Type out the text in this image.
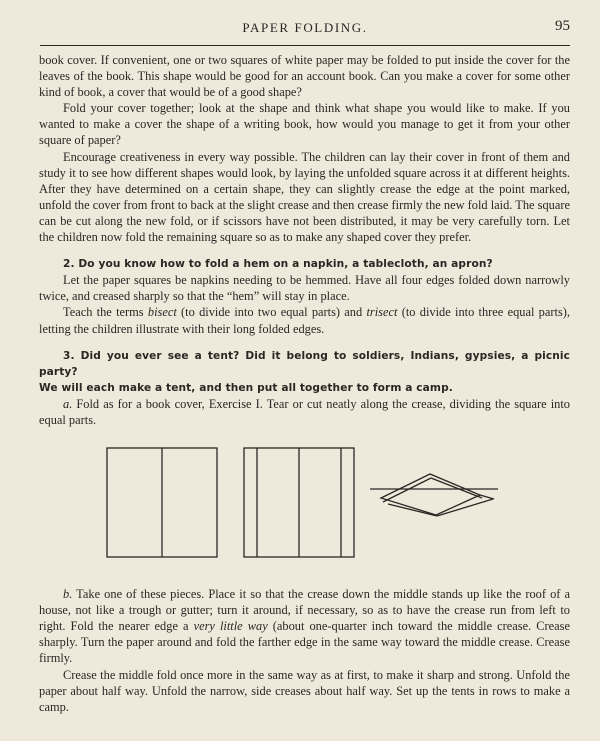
PAPER FOLDING.	95

book cover. If convenient, one or two squares of white paper may be folded to put inside the cover for the leaves of the book. This shape would be good for an account book. Can you make a cover for some other kind of book, a cover that would be of a good shape?

Fold your cover together; look at the shape and think what shape you would like to make. If you wanted to make a cover the shape of a writing book, how would you manage to get it from your other square of paper?

Encourage creativeness in every way possible. The children can lay their cover in front of them and study it to see how different shapes would look, by laying the unfolded square across it at different heights. After they have determined on a certain shape, they can slightly crease the edge at the point marked, unfold the cover from front to back at the slight crease and then crease firmly the new fold laid. The square can be cut along the new fold, or if scissors have not been distributed, it may be very carefully torn. Let the children now fold the remaining square so as to make any shaped cover they prefer.

2. Do you know how to fold a hem on a napkin, a tablecloth, an apron?

Let the paper squares be napkins needing to be hemmed. Have all four edges folded down narrowly twice, and creased sharply so that the “hem” will stay in place.

Teach the terms bisect (to divide into two equal parts) and trisect (to divide into three equal parts), letting the children illustrate with their long folded edges.

3. Did you ever see a tent? Did it belong to soldiers, Indians, gypsies, a picnic party?

We will each make a tent, and then put all together to form a camp.

a. Fold as for a book cover, Exercise I. Tear or cut neatly along the crease, dividing the square into equal parts.

b. Take one of these pieces. Place it so that the crease down the middle stands up like the roof of a house, not like a trough or gutter; turn it around, if necessary, so as to have the crease run from left to right. Fold the nearer edge a very little way (about one-quarter inch toward the middle crease. Crease sharply. Turn the paper around and fold the farther edge in the same way toward the middle crease. Crease firmly.

Crease the middle fold once more in the same way as at first, to make it sharp and strong. Unfold the paper about half way. Unfold the narrow, side creases about half way. Set up the tents in rows to make a camp.
